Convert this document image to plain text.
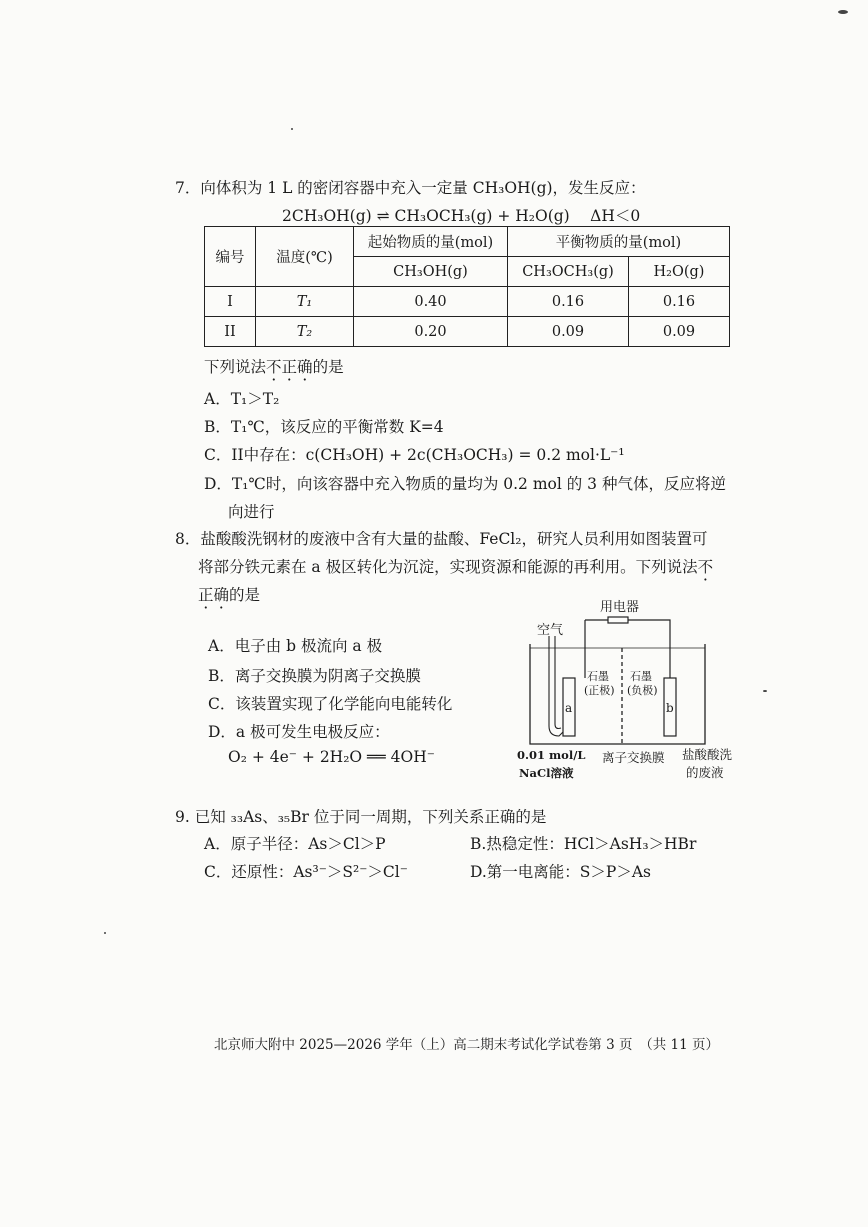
7．向体积为 1 L 的密闭容器中充入一定量 CH₃OH(g)，发生反应：
2CH₃OH(g) ⇌ CH₃OCH₃(g) + H₂O(g)　 ΔH＜0
编号	温度(℃)	起始物质的量(mol)	平衡物质的量(mol)	
		CH₃OH(g)	CH₃OCH₃(g)	H₂O(g)
I	T₁	0.40	0.16	0.16
II	T₂	0.20	0.09	0.09
下列说法不正确的是
A．T₁＞T₂
B．T₁℃，该反应的平衡常数 K=4
C．II中存在：c(CH₃OH) + 2c(CH₃OCH₃) = 0.2 mol·L⁻¹
D．T₁℃时，向该容器中充入物质的量均为 0.2 mol 的 3 种气体，反应将逆
向进行
8．盐酸酸洗钢材的废液中含有大量的盐酸、FeCl₂，研究人员利用如图装置可
将部分铁元素在 a 极区转化为沉淀，实现资源和能源的再利用。下列说法不
正确的是
A．电子由 b 极流向 a 极
B．离子交换膜为阴离子交换膜
C．该装置实现了化学能向电能转化
D．a 极可发生电极反应：
O₂ + 4e⁻ + 2H₂O ══ 4OH⁻
用电器
空气
a
石墨
(正极)
石墨
(负极)
b
0.01 mol/L
NaCl溶液
离子交换膜 盐酸酸洗
的废液
9. 已知 ₃₃As、₃₅Br 位于同一周期，下列关系正确的是
A．原子半径：As＞Cl＞P	B.热稳定性：HCl＞AsH₃＞HBr
C．还原性：As³⁻＞S²⁻＞Cl⁻	D.第一电离能：S＞P＞As
北京师大附中 2025—2026 学年（上）高二期末考试化学试卷第 3 页　（共 11 页）
